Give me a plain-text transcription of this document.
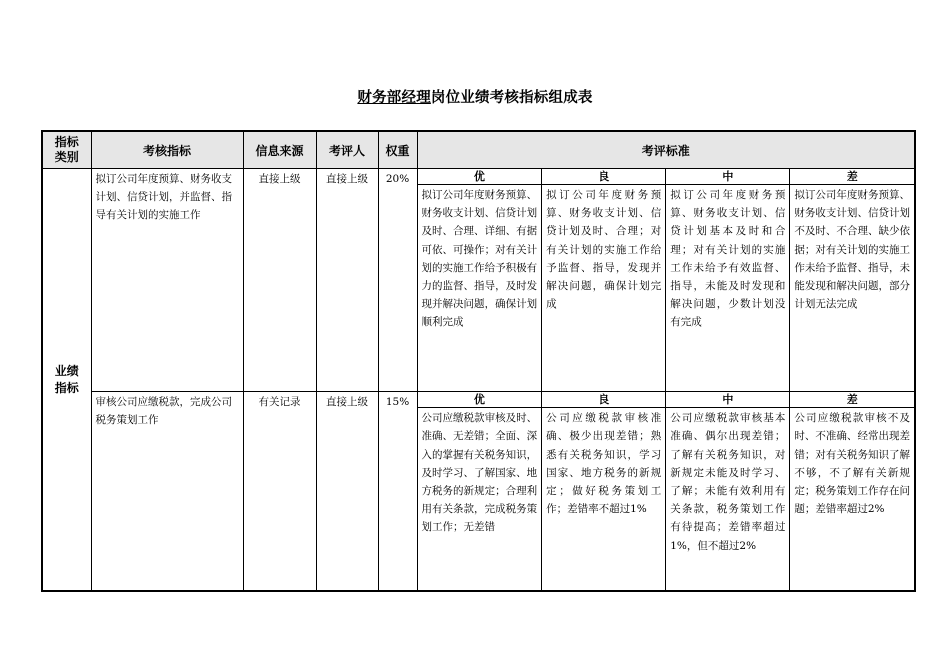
财务部经理岗位业绩考核指标组成表
指标
类别	考核指标	信息来源	考评人	权重	考评标准
业绩
指标	拟订公司年度预算、财务收支计划、信贷计划，并监督、指导有关计划的实施工作	直接上级	直接上级	20%		优	良	中	差
拟订公司年度财务预算、财务收支计划、信贷计划及时、合理、详细、有据可依、可操作；对有关计划的实施工作给予积极有力的监督、指导，及时发现并解决问题，确保计划顺利完成	拟订公司年度财务预算、财务收支计划、信贷计划及时、合理；对有关计划的实施工作给予监督、指导，发现并解决问题，确保计划完成	拟订公司年度财务预算、财务收支计划、信贷计划基本及时和合理；对有关计划的实施工作未给予有效监督、指导，未能及时发现和解决问题，少数计划没有完成	拟订公司年度财务预算、财务收支计划、信贷计划不及时、不合理、缺少依据；对有关计划的实施工作未给予监督、指导，未能发现和解决问题，部分计划无法完成

审核公司应缴税款，完成公司税务策划工作	有关记录	直接上级	15%		优	良	中	差
公司应缴税款审核及时、准确、无差错；全面、深入的掌握有关税务知识，及时学习、了解国家、地方税务的新规定；合理利用有关条款，完成税务策划工作；无差错	公司应缴税款审核准确、极少出现差错；熟悉有关税务知识，学习国家、地方税务的新规定；做好税务策划工作；差错率不超过1%	公司应缴税款审核基本准确、偶尔出现差错；了解有关税务知识，对新规定未能及时学习、了解；未能有效利用有关条款，税务策划工作有待提高；差错率超过1%，但不超过2%	公司应缴税款审核不及时、不准确、经常出现差错；对有关税务知识了解不够，不了解有关新规定；税务策划工作存在问题；差错率超过2%
